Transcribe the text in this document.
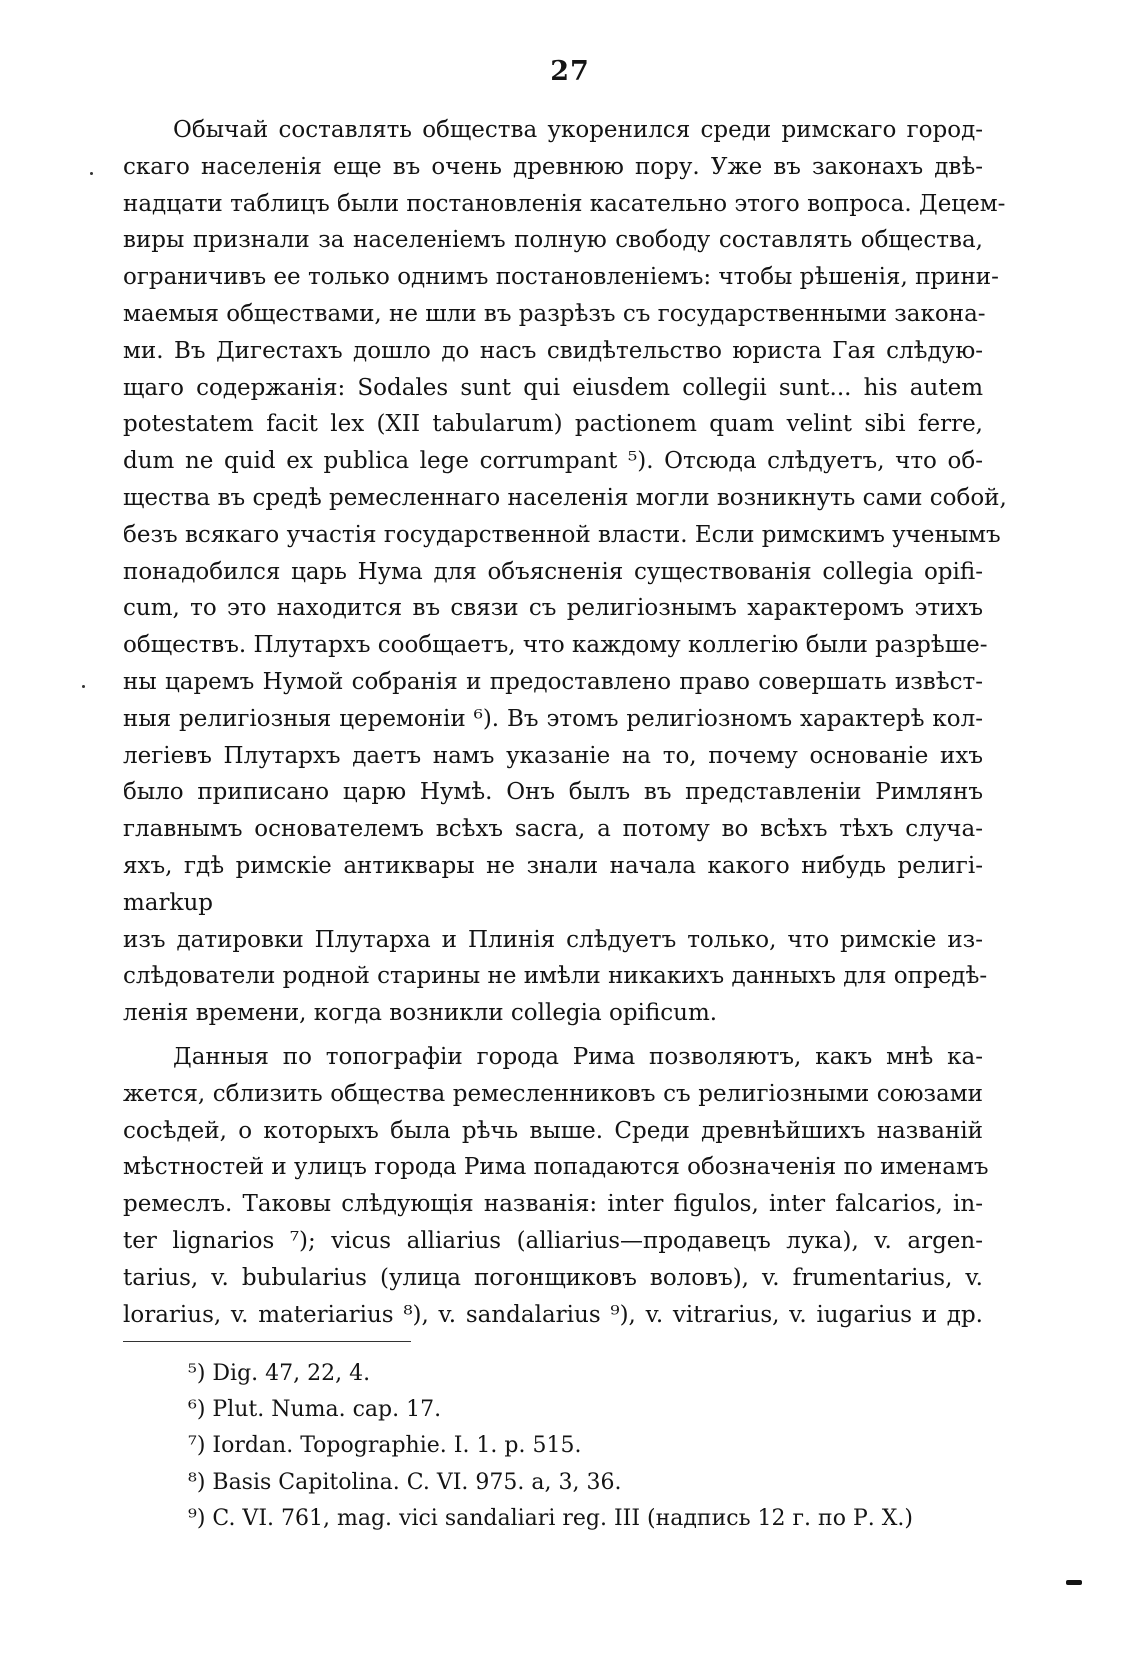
27
Обычай составлять общества укоренился среди римскаго город-
скаго населенія еще въ очень древнюю пору. Уже въ законахъ двѣ-
надцати таблицъ были постановленія касательно этого вопроса. Децем-
виры признали за населеніемъ полную свободу составлять общества,
ограничивъ ее только однимъ постановленіемъ: чтобы рѣшенія, прини-
маемыя обществами, не шли въ разрѣзъ съ государственными закона-
ми. Въ Дигестахъ дошло до насъ свидѣтельство юриста Гая слѣдую-
щаго содержанія: Sodales sunt qui eiusdem collegii sunt... his autem
potestatem facit lex (XII tabularum) pactionem quam velint sibi ferre,
dum ne quid ex publica lege corrumpant ⁵). Отсюда слѣдуетъ, что об-
щества въ средѣ ремесленнаго населенія могли возникнуть сами собой,
безъ всякаго участія государственной власти. Если римскимъ ученымъ
понадобился царь Нума для объясненія существованія collegia opifi-
cum, то это находится въ связи съ религіознымъ характеромъ этихъ
обществъ. Плутархъ сообщаетъ, что каждому коллегію были разрѣше-
ны царемъ Нумой собранія и предоставлено право совершать извѣст-
ныя религіозныя церемоніи ⁶). Въ этомъ религіозномъ характерѣ кол-
легіевъ Плутархъ даетъ намъ указаніе на то, почему основаніе ихъ
было приписано царю Нумѣ. Онъ былъ въ представленіи Римлянъ
главнымъ основателемъ всѣхъ sacra, а потому во всѣхъ тѣхъ случа-
яхъ, гдѣ римскіе антиквары не знали начала какого нибудь религі-
markup
изъ датировки Плутарха и Плинія слѣдуетъ только, что римскіе из-
слѣдователи родной старины не имѣли никакихъ данныхъ для опредѣ-
ленія времени, когда возникли collegia opificum.
Данныя по топографіи города Рима позволяютъ, какъ мнѣ ка-
жется, сблизить общества ремесленниковъ съ религіозными союзами
сосѣдей, о которыхъ была рѣчь выше. Среди древнѣйшихъ названій
мѣстностей и улицъ города Рима попадаются обозначенія по именамъ
ремеслъ. Таковы слѣдующія названія: inter figulos, inter falcarios, in-
ter lignarios ⁷); vicus alliarius (alliarius—продавецъ лука), v. argen-
tarius, v. bubularius (улица погонщиковъ воловъ), v. frumentarius, v.
lorarius, v. materiarius ⁸), v. sandalarius ⁹), v. vitrarius, v. iugarius и др.
⁵) Dig. 47, 22, 4.
⁶) Plut. Numa. cap. 17.
⁷) Iordan. Topographie. I. 1. p. 515.
⁸) Basis Capitolina. C. VI. 975. a, 3, 36.
⁹) C. VI. 761, mag. vici sandaliari reg. III (надпись 12 г. по Р. X.)
